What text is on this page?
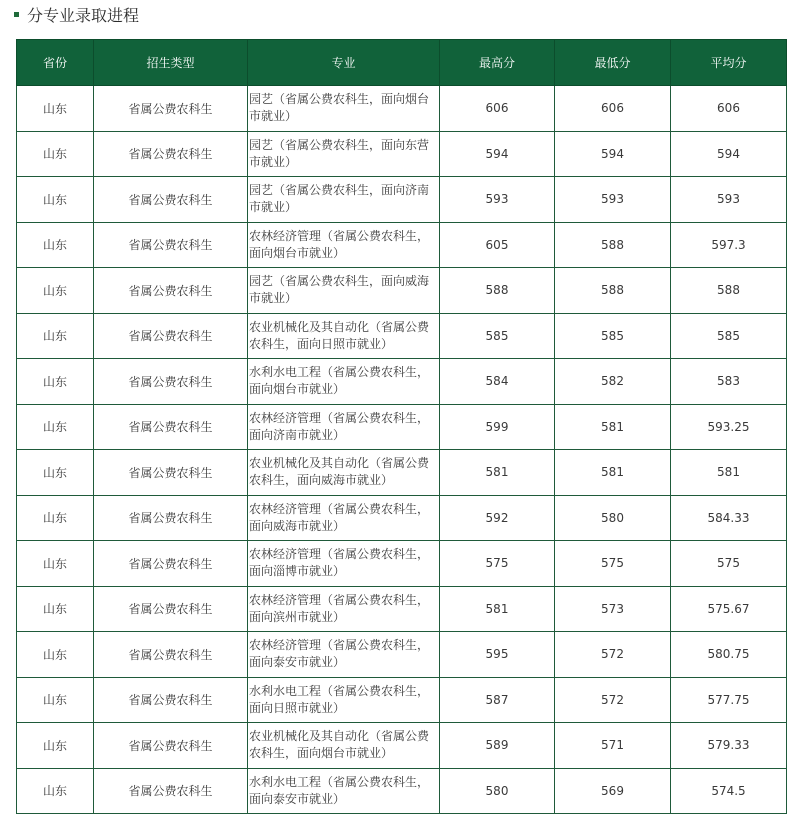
分专业录取进程
省份	招生类型	专业	最高分	最低分	平均分
山东	省属公费农科生	园艺（省属公费农科生，面向烟台市就业）	606	606	606
山东	省属公费农科生	园艺（省属公费农科生，面向东营市就业）	594	594	594
山东	省属公费农科生	园艺（省属公费农科生，面向济南市就业）	593	593	593
山东	省属公费农科生	农林经济管理（省属公费农科生，面向烟台市就业）	605	588	597.3
山东	省属公费农科生	园艺（省属公费农科生，面向威海市就业）	588	588	588
山东	省属公费农科生	农业机械化及其自动化（省属公费农科生，面向日照市就业）	585	585	585
山东	省属公费农科生	水利水电工程（省属公费农科生，面向烟台市就业）	584	582	583
山东	省属公费农科生	农林经济管理（省属公费农科生，面向济南市就业）	599	581	593.25
山东	省属公费农科生	农业机械化及其自动化（省属公费农科生，面向威海市就业）	581	581	581
山东	省属公费农科生	农林经济管理（省属公费农科生，面向威海市就业）	592	580	584.33
山东	省属公费农科生	农林经济管理（省属公费农科生，面向淄博市就业）	575	575	575
山东	省属公费农科生	农林经济管理（省属公费农科生，面向滨州市就业）	581	573	575.67
山东	省属公费农科生	农林经济管理（省属公费农科生，面向泰安市就业）	595	572	580.75
山东	省属公费农科生	水利水电工程（省属公费农科生，面向日照市就业）	587	572	577.75
山东	省属公费农科生	农业机械化及其自动化（省属公费农科生，面向烟台市就业）	589	571	579.33
山东	省属公费农科生	水利水电工程（省属公费农科生，面向泰安市就业）	580	569	574.5
